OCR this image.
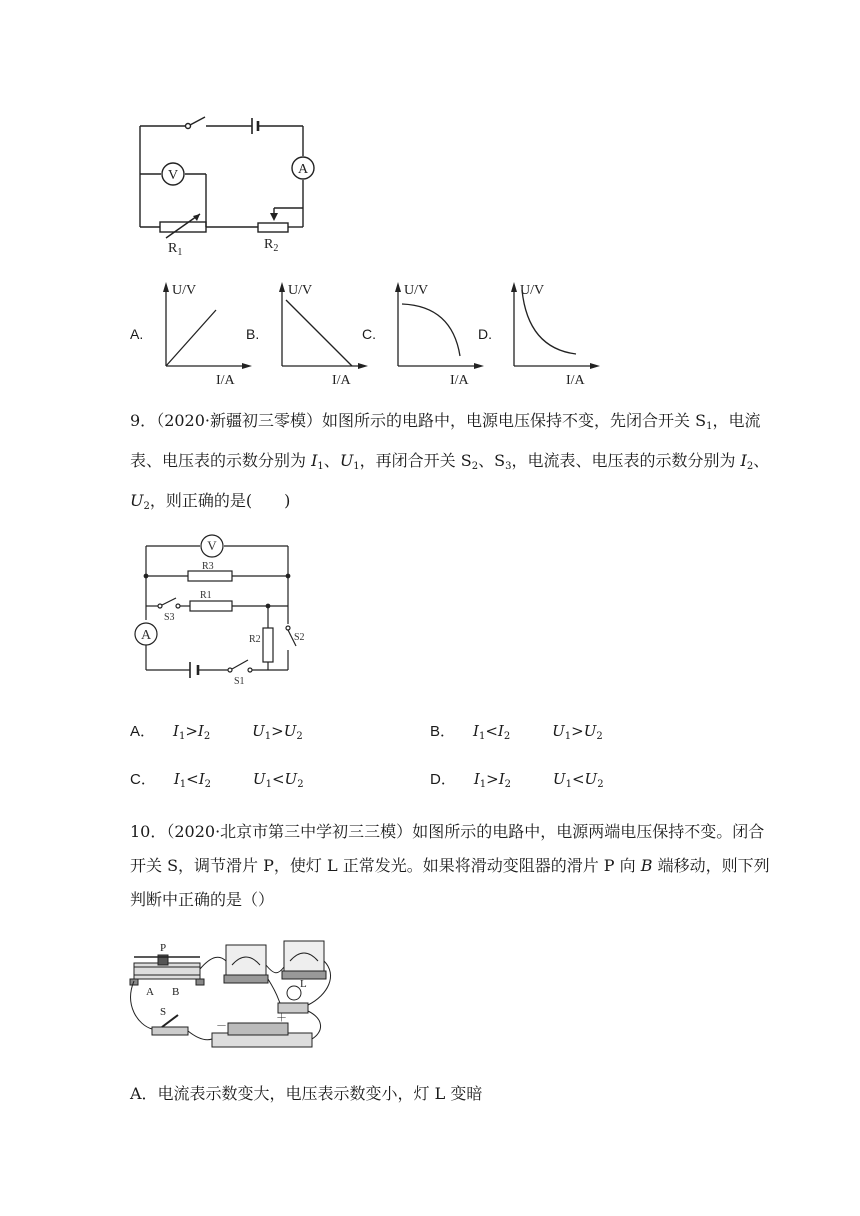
V	A
$R_1$
$R_2$
A.
U/V
I/A
B.
U/V
I/A
C.
U/V
I/A
D.
U/V
I/A
9．（2020·新疆初三零模）如图所示的电路中，电源电压保持不变，先闭合开关 $S_1$，电流
表、电压表的示数分别为 $I_1$、$U_1$，再闭合开关 $S_2$、$S_3$，电流表、电压表的示数分别为 $I_2$、
$U_2$，则正确的是(　　)
V
A
R3
R1
R2
S3
S2
S1
A． $I_1>I_2$	$U_1>U_2$	B． $I_1<I_2$	$U_1>U_2$
C． $I_1<I_2$	$U_1<U_2$	D． $I_1>I_2$	$U_1<U_2$
10．（2020·北京市第三中学初三三模）如图所示的电路中，电源两端电压保持不变。闭合
开关 S，调节滑片 P，使灯 L 正常发光。如果将滑动变阻器的滑片 P 向 B 端移动，则下列
判断中正确的是（）
P
A B
S
L
－
＋
A．电流表示数变大，电压表示数变小，灯 L 变暗
